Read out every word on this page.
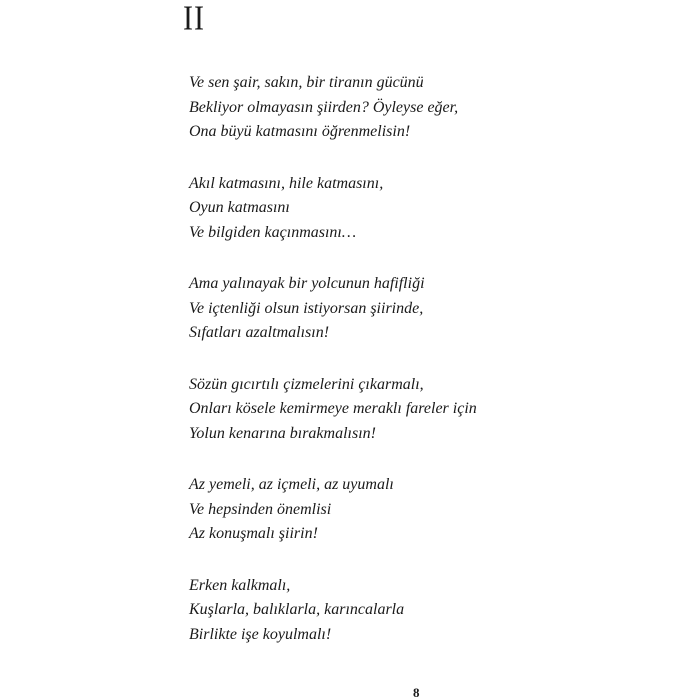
II
Ve sen şair, sakın, bir tiranın gücünü
Bekliyor olmayasın şiirden? Öyleyse eğer,
Ona büyü katmasını öğrenmelisin!
Akıl katmasını, hile katmasını,
Oyun katmasını
Ve bilgiden kaçınmasını…
Ama yalınayak bir yolcunun hafifliği
Ve içtenliği olsun istiyorsan şiirinde,
Sıfatları azaltmalısın!
Sözün gıcırtılı çizmelerini çıkarmalı,
Onları kösele kemirmeye meraklı fareler için
Yolun kenarına bırakmalısın!
Az yemeli, az içmeli, az uyumalı
Ve hepsinden önemlisi
Az konuşmalı şiirin!
Erken kalkmalı,
Kuşlarla, balıklarla, karıncalarla
Birlikte işe koyulmalı!
8
